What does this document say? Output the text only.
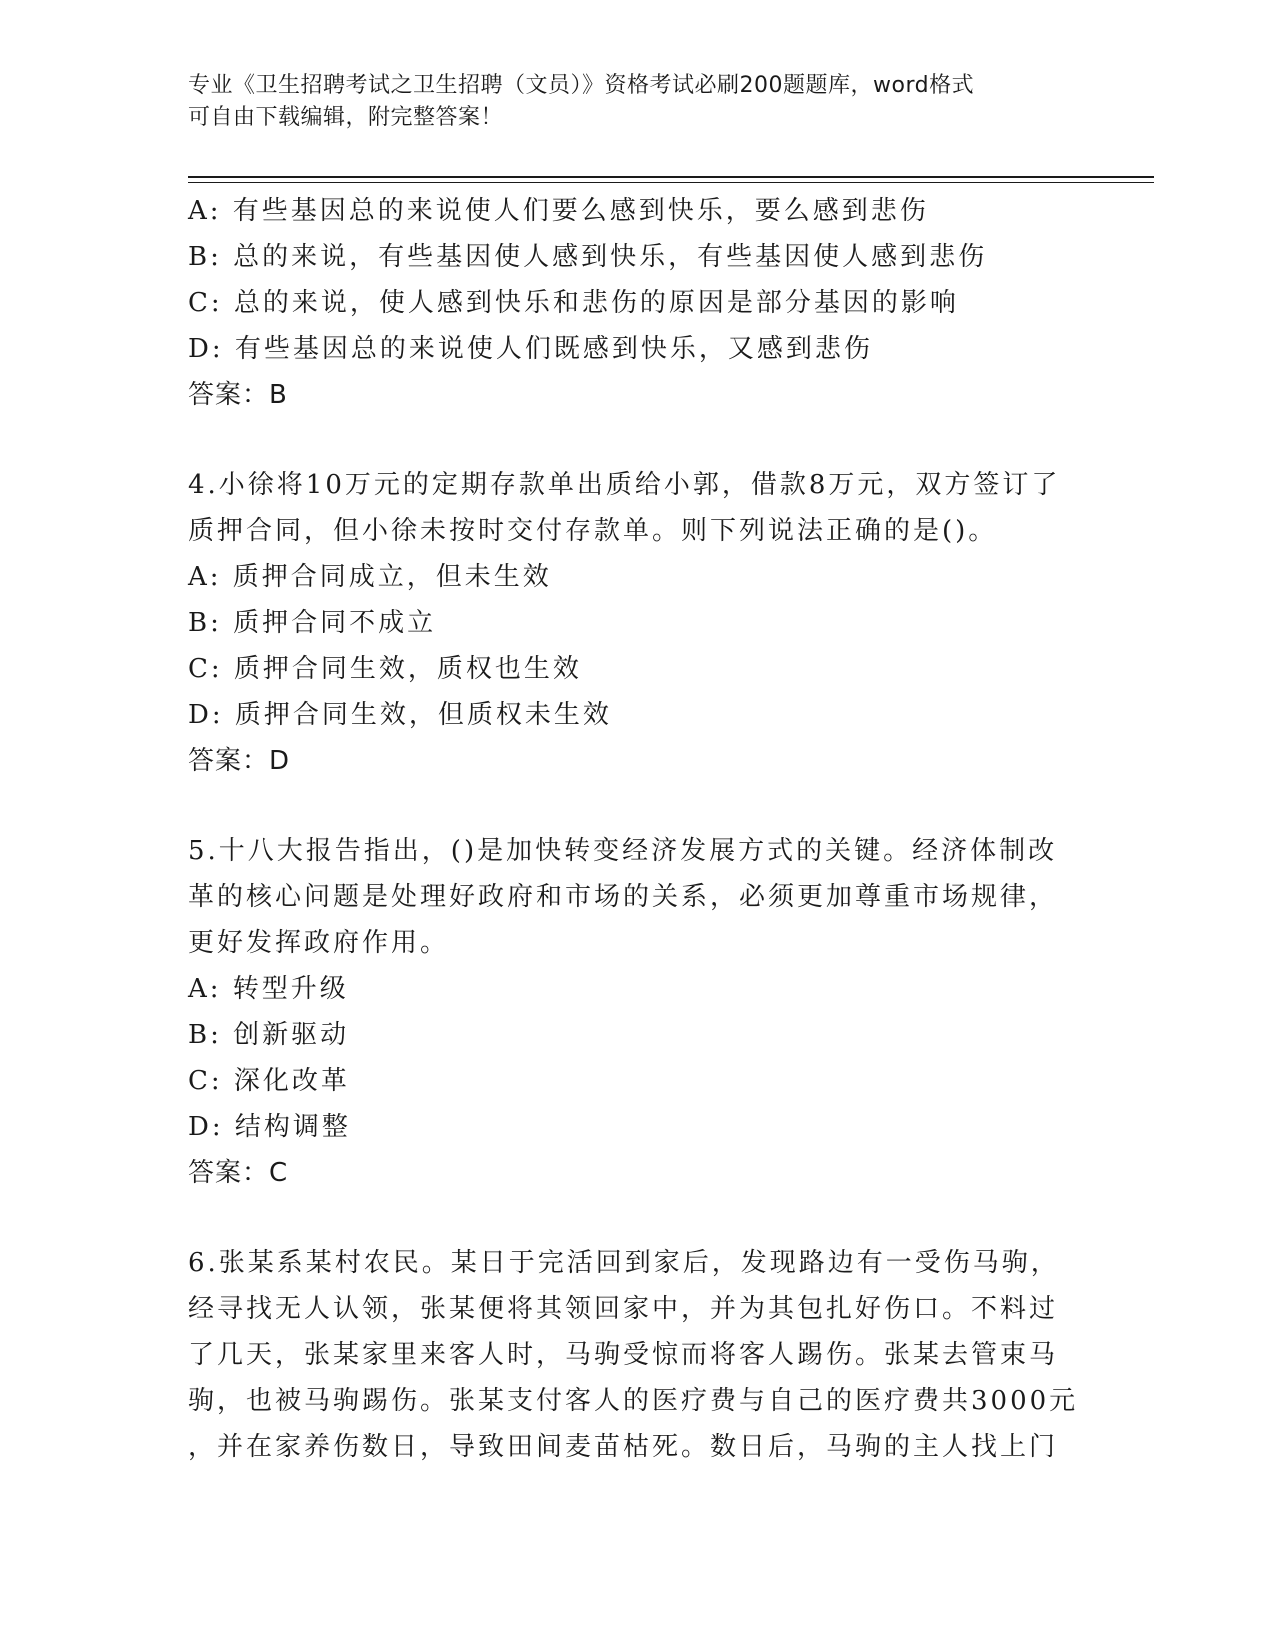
专业《卫生招聘考试之卫生招聘（文员）》资格考试必刷200题题库，word格式
可自由下载编辑，附完整答案！
A: 有些基因总的来说使人们要么感到快乐，要么感到悲伤
B: 总的来说，有些基因使人感到快乐，有些基因使人感到悲伤
C: 总的来说，使人感到快乐和悲伤的原因是部分基因的影响
D: 有些基因总的来说使人们既感到快乐，又感到悲伤
答案：B
4.小徐将10万元的定期存款单出质给小郭，借款8万元，双方签订了
质押合同，但小徐未按时交付存款单。则下列说法正确的是()。
A: 质押合同成立，但未生效
B: 质押合同不成立
C: 质押合同生效，质权也生效
D: 质押合同生效，但质权未生效
答案：D
5.十八大报告指出，()是加快转变经济发展方式的关键。经济体制改
革的核心问题是处理好政府和市场的关系，必须更加尊重市场规律，
更好发挥政府作用。
A: 转型升级
B: 创新驱动
C: 深化改革
D: 结构调整
答案：C
6.张某系某村农民。某日于完活回到家后，发现路边有一受伤马驹，
经寻找无人认领，张某便将其领回家中，并为其包扎好伤口。不料过
了几天，张某家里来客人时，马驹受惊而将客人踢伤。张某去管束马
驹，也被马驹踢伤。张某支付客人的医疗费与自己的医疗费共3000元
，并在家养伤数日，导致田间麦苗枯死。数日后，马驹的主人找上门
